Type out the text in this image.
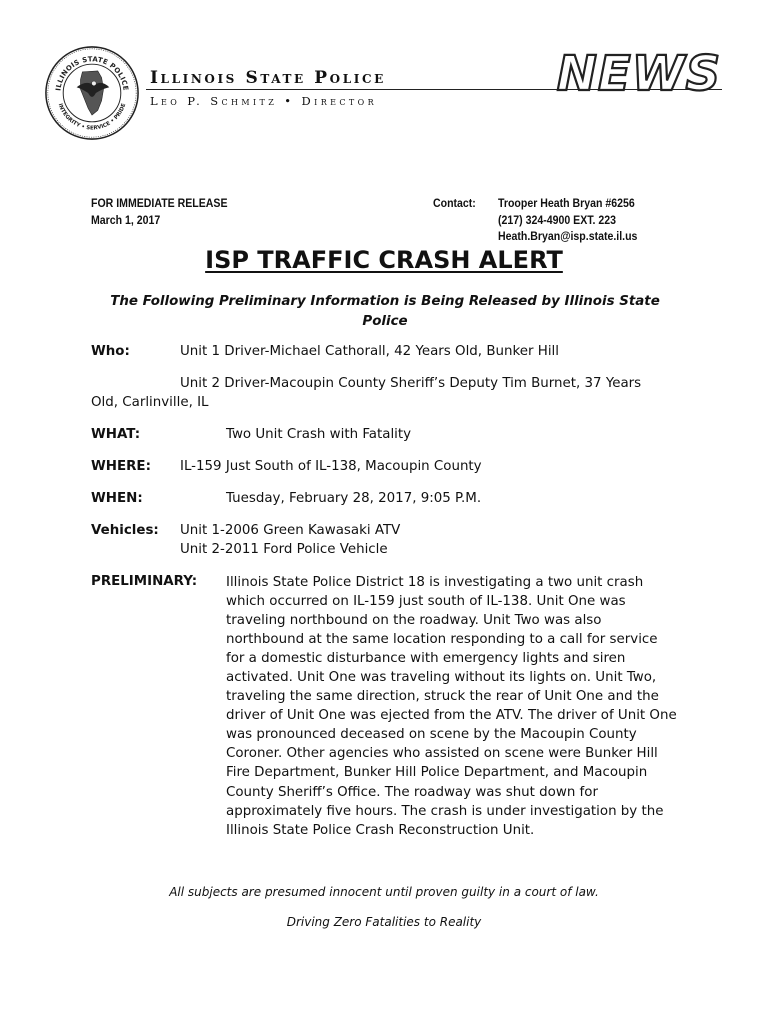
ILLINOIS STATE POLICE
INTEGRITY • SERVICE • PRIDE
Illinois State Police
Leo P. Schmitz • Director	NEWS
FOR IMMEDIATE RELEASE
March 1, 2017
Contact: Trooper Heath Bryan #6256
(217) 324-4900 EXT. 223
Heath.Bryan@isp.state.il.us
ISP TRAFFIC CRASH ALERT
The Following Preliminary Information is Being Released by Illinois State Police
Who:	Unit 1 Driver-Michael Cathorall, 42 Years Old, Bunker Hill
Unit 2 Driver-Macoupin County Sheriff’s Deputy Tim Burnet, 37 Years
Old, Carlinville, IL
WHAT:	Two Unit Crash with Fatality
WHERE: IL-159 Just South of IL-138, Macoupin County
WHEN:	Tuesday, February 28, 2017, 9:05 P.M.
Vehicles: Unit 1-2006 Green Kawasaki ATV
Unit 2-2011 Ford Police Vehicle
PRELIMINARY: Illinois State Police District 18 is investigating a two unit crash which occurred on IL-159 just south of IL-138. Unit One was traveling northbound on the roadway. Unit Two was also northbound at the same location responding to a call for service for a domestic disturbance with emergency lights and siren activated. Unit One was traveling without its lights on. Unit Two, traveling the same direction, struck the rear of Unit One and the driver of Unit One was ejected from the ATV. The driver of Unit One was pronounced deceased on scene by the Macoupin County Coroner. Other agencies who assisted on scene were Bunker Hill Fire Department, Bunker Hill Police Department, and Macoupin County Sheriff’s Office. The roadway was shut down for approximately five hours. The crash is under investigation by the Illinois State Police Crash Reconstruction Unit.
All subjects are presumed innocent until proven guilty in a court of law.
Driving Zero Fatalities to Reality
